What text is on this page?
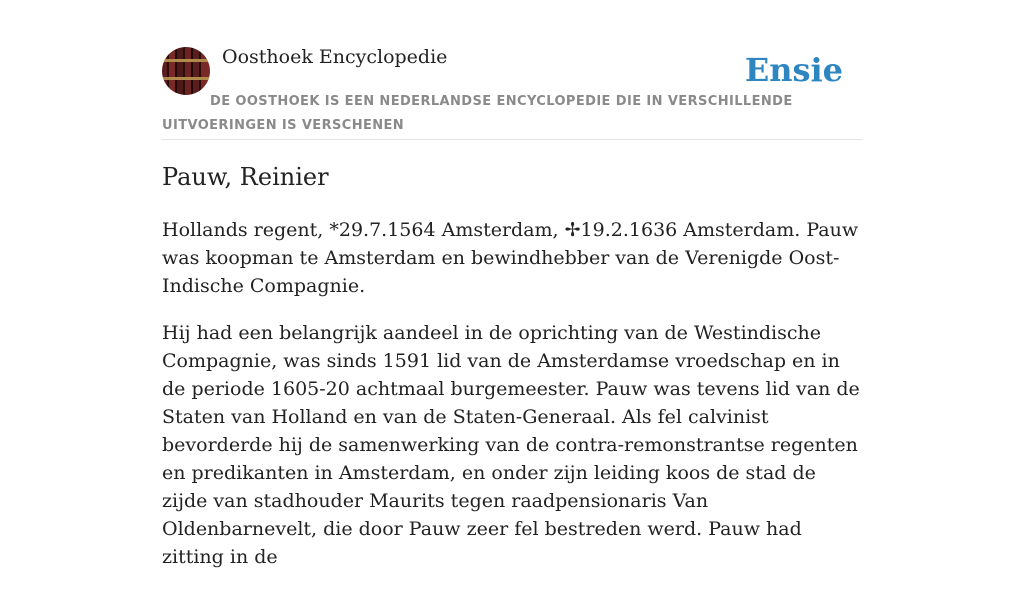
Oosthoek Encyclopedie	Ensie
DE OOSTHOEK IS EEN NEDERLANDSE ENCYCLOPEDIE DIE IN VERSCHILLENDE UITVOERINGEN IS VERSCHENEN
Pauw, Reinier

Hollands regent, *29.7.1564 Amsterdam, ✢19.2.1636 Amsterdam. Pauw was koopman te Amsterdam en bewindhebber van de Verenigde Oost-Indische Compagnie.

Hij had een belangrijk aandeel in de oprichting van de Westindische Compagnie, was sinds 1591 lid van de Amsterdamse vroedschap en in de periode 1605-20 achtmaal burgemeester. Pauw was tevens lid van de Staten van Holland en van de Staten-Generaal. Als fel calvinist bevorderde hij de samenwerking van de contra-remonstrantse regenten en predikanten in Amsterdam, en onder zijn leiding koos de stad de zijde van stadhouder Maurits tegen raadpensionaris Van Oldenbarnevelt, die door Pauw zeer fel bestreden werd. Pauw had zitting in de
